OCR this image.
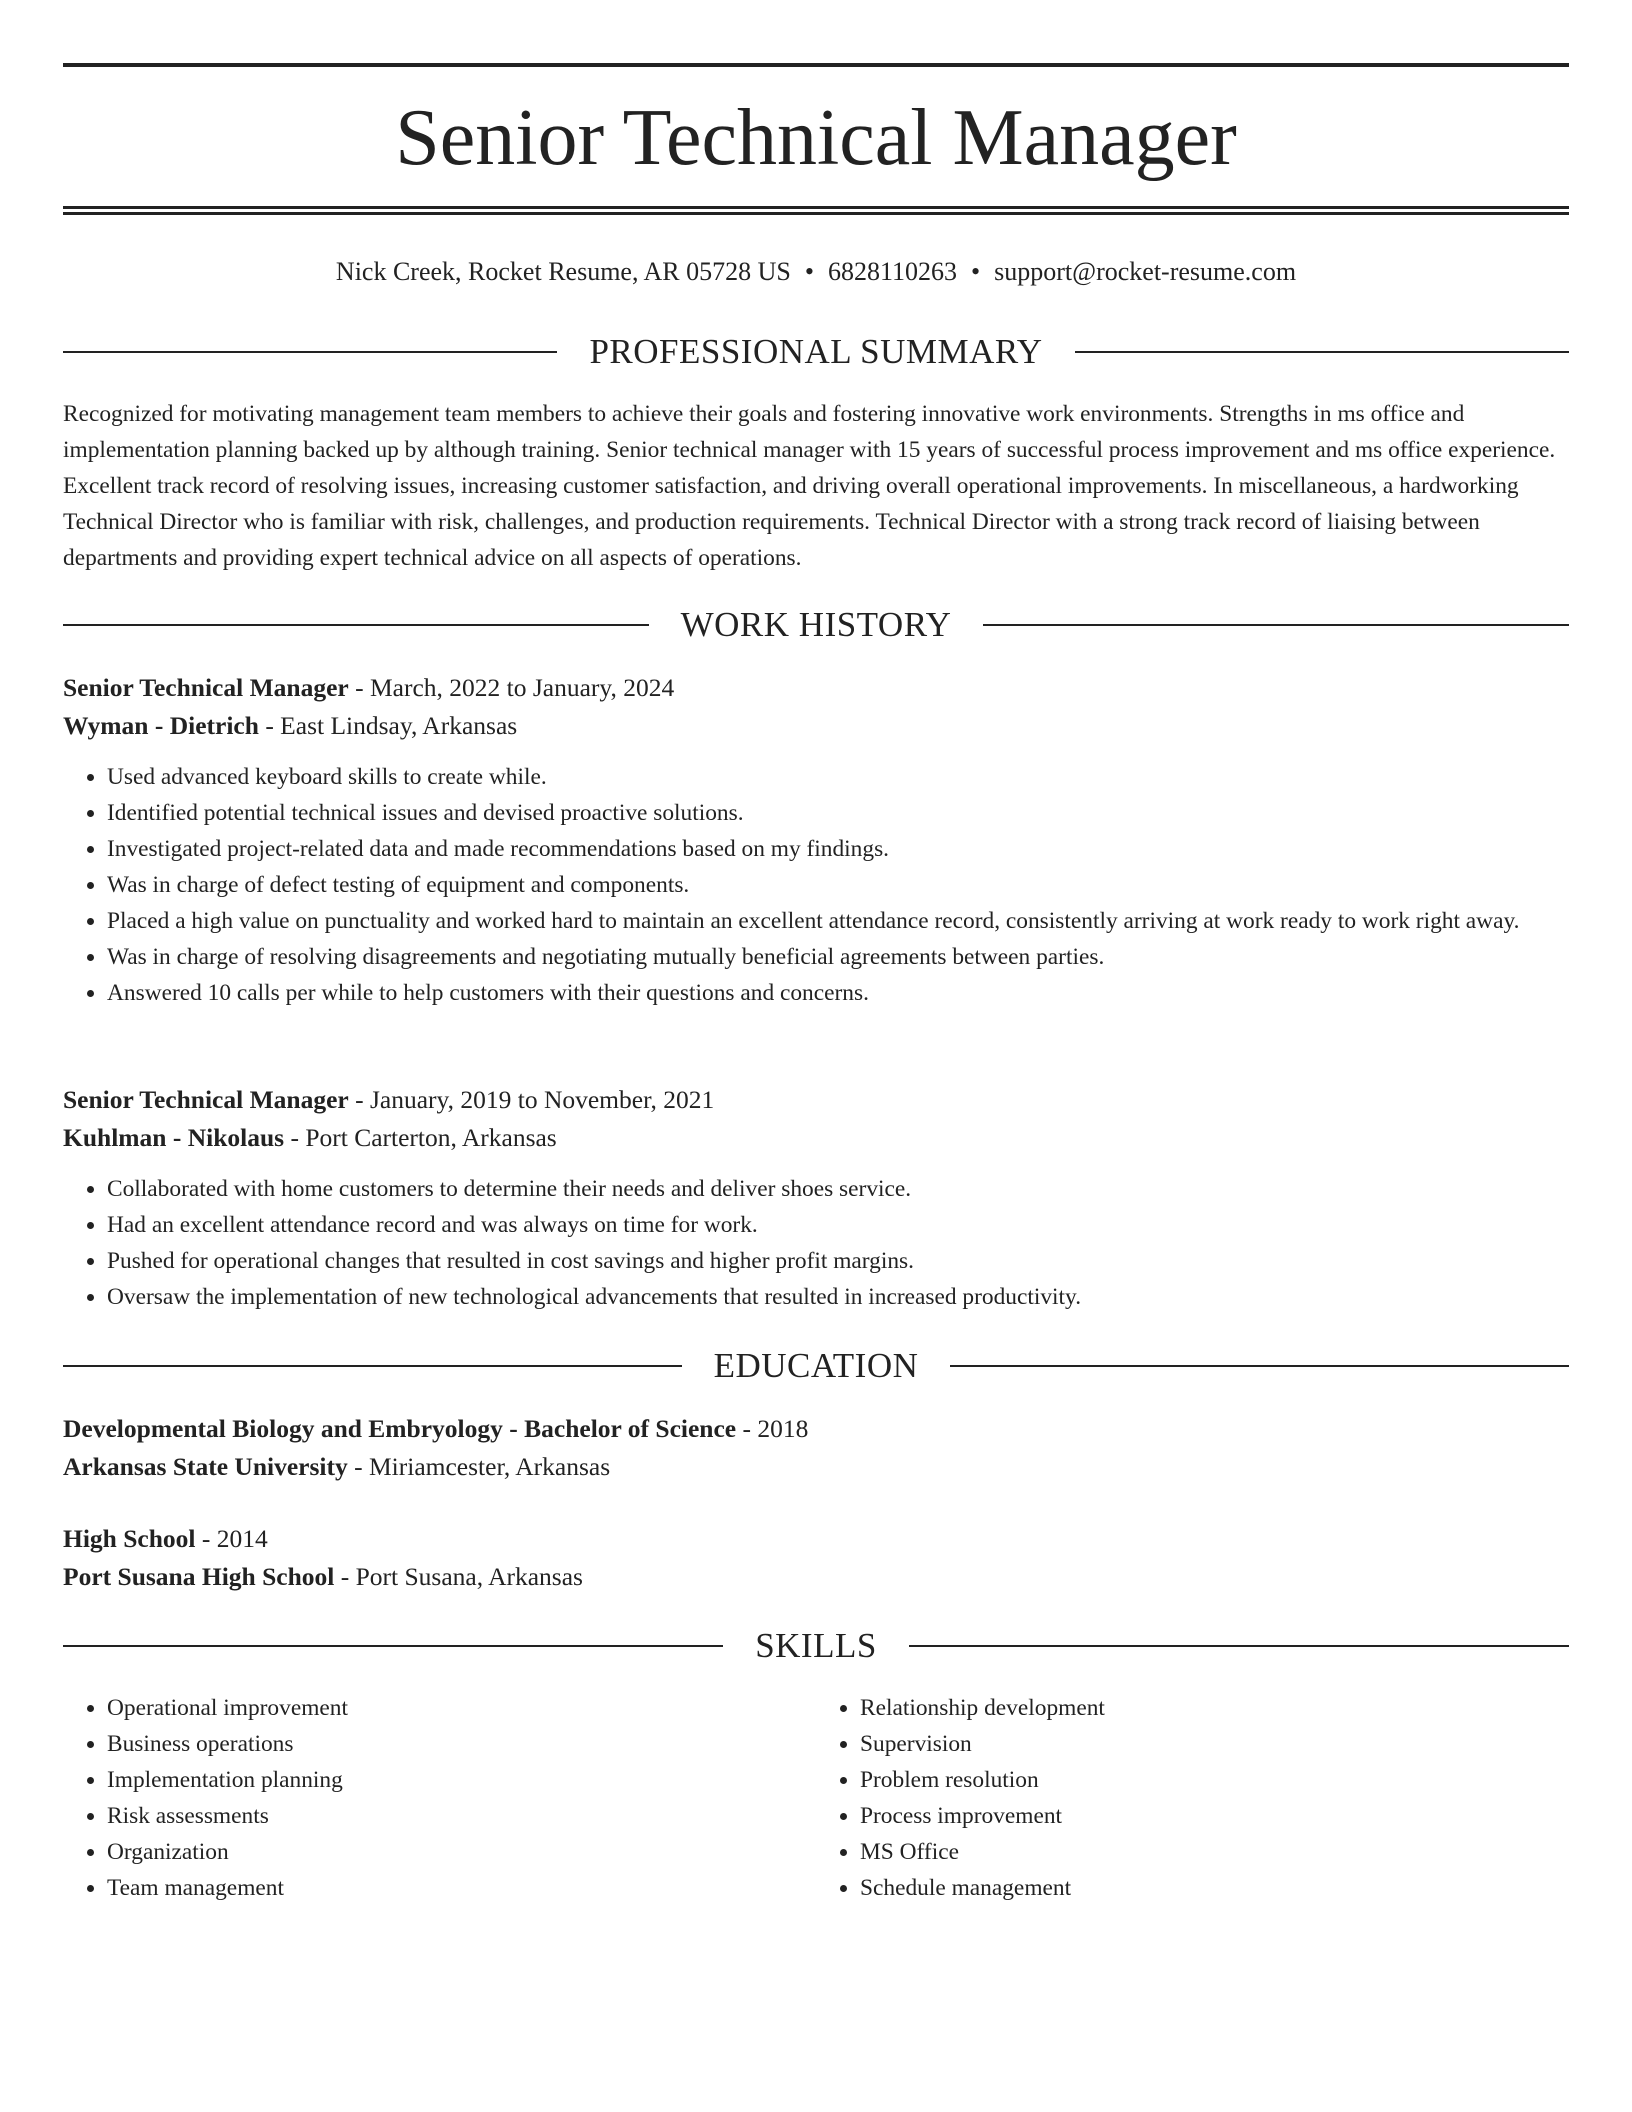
Senior Technical Manager
Nick Creek, Rocket Resume, AR 05728 US • 6828110263 • support@rocket-resume.com
PROFESSIONAL SUMMARY

Recognized for motivating management team members to achieve their goals and fostering innovative work environments. Strengths in ms office and implementation planning backed up by although training. Senior technical manager with 15 years of successful process improvement and ms office experience. Excellent track record of resolving issues, increasing customer satisfaction, and driving overall operational improvements. In miscellaneous, a hardworking Technical Director who is familiar with risk, challenges, and production requirements. Technical Director with a strong track record of liaising between departments and providing expert technical advice on all aspects of operations.

WORK HISTORY
Senior Technical Manager - March, 2022 to January, 2024
Wyman - Dietrich - East Lindsay, Arkansas
• Used advanced keyboard skills to create while.
• Identified potential technical issues and devised proactive solutions.
• Investigated project-related data and made recommendations based on my findings.
• Was in charge of defect testing of equipment and components.
• Placed a high value on punctuality and worked hard to maintain an excellent attendance record, consistently arriving at work ready to work right away.
• Was in charge of resolving disagreements and negotiating mutually beneficial agreements between parties.
• Answered 10 calls per while to help customers with their questions and concerns.
Senior Technical Manager - January, 2019 to November, 2021
Kuhlman - Nikolaus - Port Carterton, Arkansas
• Collaborated with home customers to determine their needs and deliver shoes service.
• Had an excellent attendance record and was always on time for work.
• Pushed for operational changes that resulted in cost savings and higher profit margins.
• Oversaw the implementation of new technological advancements that resulted in increased productivity.
EDUCATION
Developmental Biology and Embryology - Bachelor of Science - 2018
Arkansas State University - Miriamcester, Arkansas
High School - 2014
Port Susana High School - Port Susana, Arkansas
SKILLS
• Operational improvement
• Business operations
• Implementation planning
• Risk assessments
• Organization
• Team management
• Relationship development
• Supervision
• Problem resolution
• Process improvement
• MS Office
• Schedule management
